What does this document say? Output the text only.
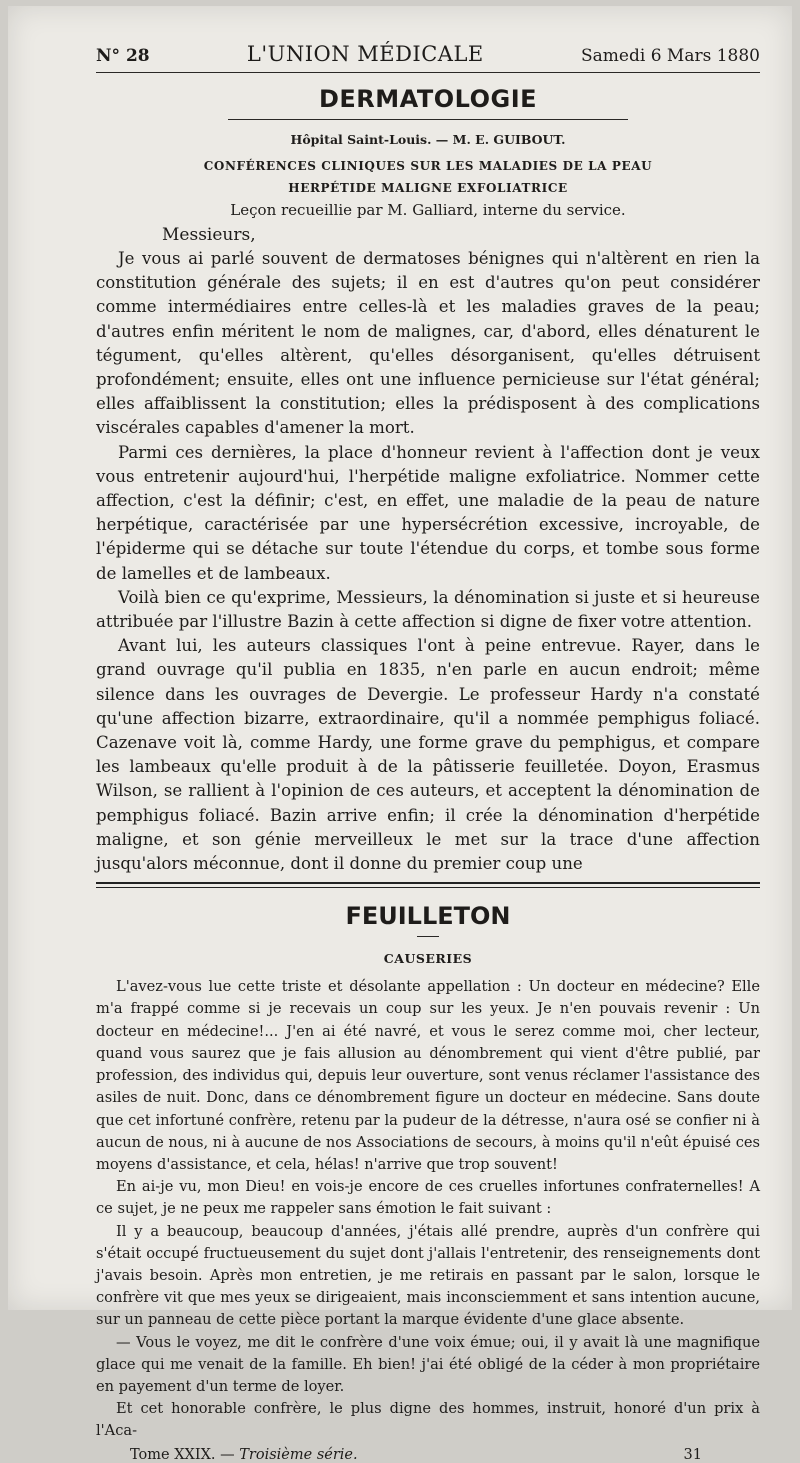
N° 28	L'UNION MÉDICALE	Samedi 6 Mars 1880
DERMATOLOGIE
Hôpital Saint-Louis. — M. E. GUIBOUT.
CONFÉRENCES CLINIQUES SUR LES MALADIES DE LA PEAU
HERPÉTIDE MALIGNE EXFOLIATRICE
Leçon recueillie par M. Galliard, interne du service.
Messieurs,

Je vous ai parlé souvent de dermatoses bénignes qui n'altèrent en rien la constitution générale des sujets; il en est d'autres qu'on peut considérer comme intermédiaires entre celles-là et les maladies graves de la peau; d'autres enfin méritent le nom de malignes, car, d'abord, elles dénaturent le tégument, qu'elles altèrent, qu'elles désorganisent, qu'elles détruisent profondément; ensuite, elles ont une influence pernicieuse sur l'état général; elles affaiblissent la constitution; elles la prédisposent à des complications viscérales capables d'amener la mort.

Parmi ces dernières, la place d'honneur revient à l'affection dont je veux vous entretenir aujourd'hui, l'herpétide maligne exfoliatrice. Nommer cette affection, c'est la définir; c'est, en effet, une maladie de la peau de nature herpétique, caractérisée par une hypersécrétion excessive, incroyable, de l'épiderme qui se détache sur toute l'étendue du corps, et tombe sous forme de lamelles et de lambeaux.

Voilà bien ce qu'exprime, Messieurs, la dénomination si juste et si heureuse attribuée par l'illustre Bazin à cette affection si digne de fixer votre attention.

Avant lui, les auteurs classiques l'ont à peine entrevue. Rayer, dans le grand ouvrage qu'il publia en 1835, n'en parle en aucun endroit; même silence dans les ouvrages de Devergie. Le professeur Hardy n'a constaté qu'une affection bizarre, extraordinaire, qu'il a nommée pemphigus foliacé. Cazenave voit là, comme Hardy, une forme grave du pemphigus, et compare les lambeaux qu'elle produit à de la pâtisserie feuilletée. Doyon, Erasmus Wilson, se rallient à l'opinion de ces auteurs, et acceptent la dénomination de pemphigus foliacé. Bazin arrive enfin; il crée la dénomination d'herpétide maligne, et son génie merveilleux le met sur la trace d'une affection jusqu'alors méconnue, dont il donne du premier coup une

FEUILLETON
CAUSERIES

L'avez-vous lue cette triste et désolante appellation : Un docteur en médecine? Elle m'a frappé comme si je recevais un coup sur les yeux. Je n'en pouvais revenir : Un docteur en médecine!... J'en ai été navré, et vous le serez comme moi, cher lecteur, quand vous saurez que je fais allusion au dénombrement qui vient d'être publié, par profession, des individus qui, depuis leur ouverture, sont venus réclamer l'assistance des asiles de nuit. Donc, dans ce dénombrement figure un docteur en médecine. Sans doute que cet infortuné confrère, retenu par la pudeur de la détresse, n'aura osé se confier ni à aucun de nous, ni à aucune de nos Associations de secours, à moins qu'il n'eût épuisé ces moyens d'assistance, et cela, hélas! n'arrive que trop souvent!

En ai-je vu, mon Dieu! en vois-je encore de ces cruelles infortunes confraternelles! A ce sujet, je ne peux me rappeler sans émotion le fait suivant :

Il y a beaucoup, beaucoup d'années, j'étais allé prendre, auprès d'un confrère qui s'était occupé fructueusement du sujet dont j'allais l'entretenir, des renseignements dont j'avais besoin. Après mon entretien, je me retirais en passant par le salon, lorsque le confrère vit que mes yeux se dirigeaient, mais inconsciemment et sans intention aucune, sur un panneau de cette pièce portant la marque évidente d'une glace absente.

— Vous le voyez, me dit le confrère d'une voix émue; oui, il y avait là une magnifique glace qui me venait de la famille. Eh bien! j'ai été obligé de la céder à mon propriétaire en payement d'un terme de loyer.

Et cet honorable confrère, le plus digne des hommes, instruit, honoré d'un prix à l'Aca-

Tome XXIX. — Troisième série.	31
